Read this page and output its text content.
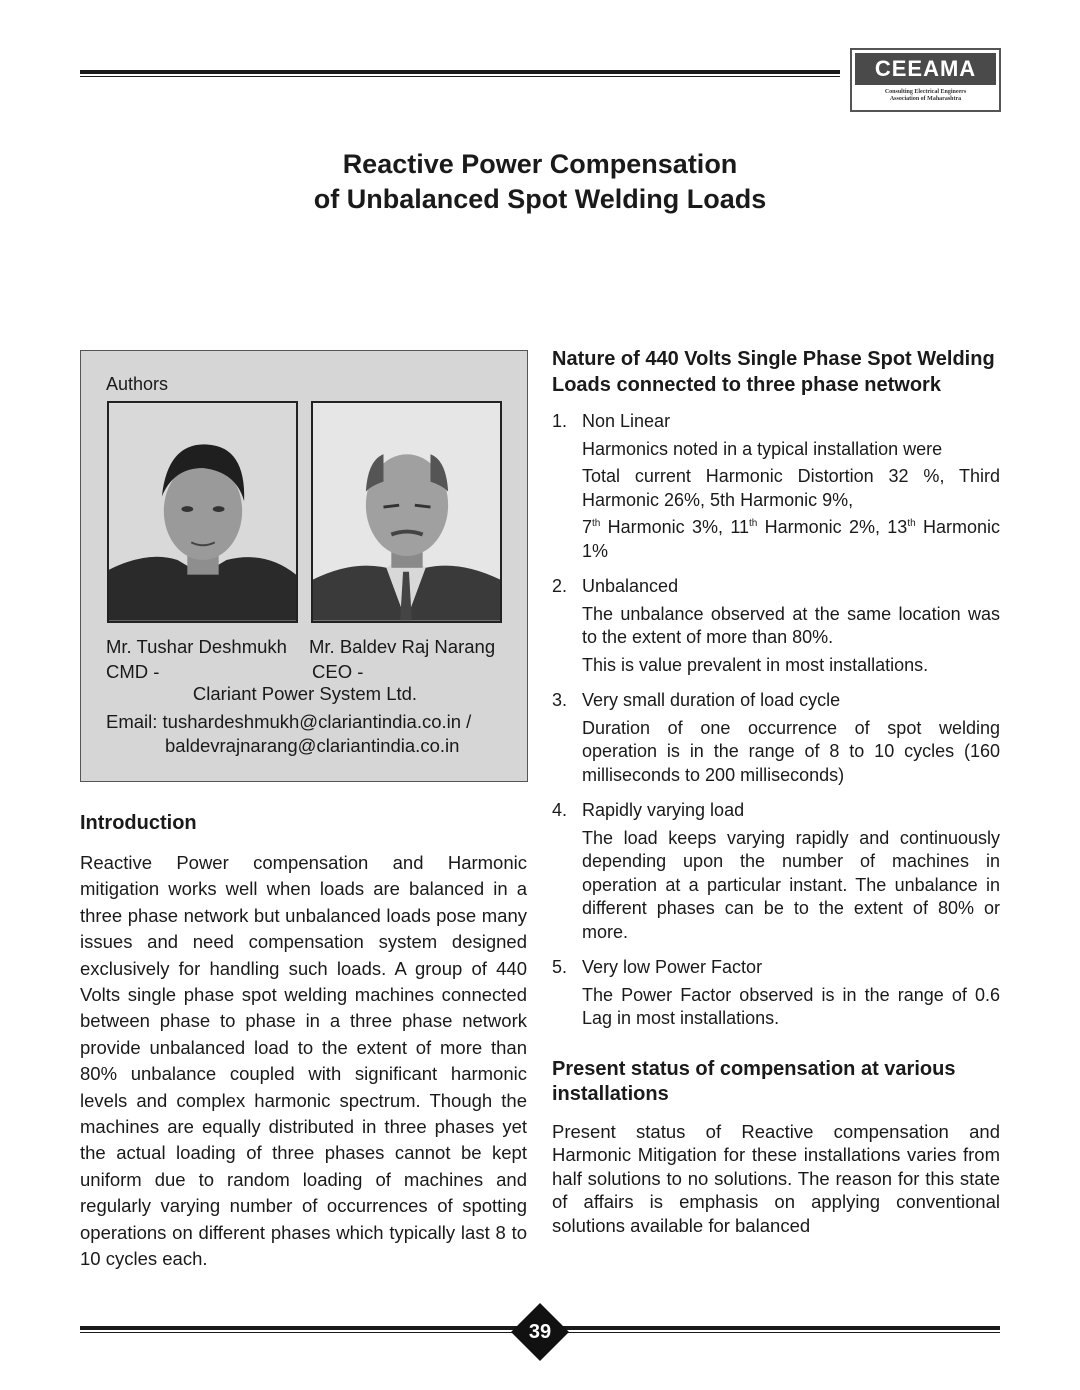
CEEAMA
Consulting Electrical Engineers
Association of Maharashtra
Reactive Power Compensation
of Unbalanced Spot Welding Loads
Authors
Mr. Tushar Deshmukh Mr. Baldev Raj Narang
CMD -	CEO -
Clariant Power System Ltd.
Email: tushardeshmukh@clariantindia.co.in /
baldevrajnarang@clariantindia.co.in
Introduction

Reactive Power compensation and Harmonic mitigation works well when loads are balanced in a three phase network but unbalanced loads pose many issues and need compensation system designed exclusively for handling such loads. A group of 440 Volts single phase spot welding machines connected between phase to phase in a three phase network provide unbalanced load to the extent of more than 80% unbalance coupled with significant harmonic levels and complex harmonic spectrum. Though the machines are equally distributed in three phases yet the actual loading of three phases cannot be kept uniform due to random loading of machines and regularly varying number of occurrences of spotting operations on different phases which typically last 8 to 10 cycles each.

Nature of 440 Volts Single Phase Spot Welding Loads connected to three phase network
1. Non Linear

Harmonics noted in a typical installation were

Total current Harmonic Distortion 32 %, Third Harmonic 26%, 5th Harmonic 9%,

7th Harmonic 3%, 11th Harmonic 2%, 13th Harmonic 1%

2. Unbalanced

The unbalance observed at the same location was to the extent of more than 80%.

This is value prevalent in most installations.

3. Very small duration of load cycle

Duration of one occurrence of spot welding operation is in the range of 8 to 10 cycles (160 milliseconds to 200 milliseconds)

4. Rapidly varying load

The load keeps varying rapidly and continuously depending upon the number of machines in operation at a particular instant. The unbalance in different phases can be to the extent of 80% or more.

5. Very low Power Factor

The Power Factor observed is in the range of 0.6 Lag in most installations.

Present status of compensation at various installations

Present status of Reactive compensation and Harmonic Mitigation for these installations varies from half solutions to no solutions. The reason for this state of affairs is emphasis on applying conventional solutions available for balanced

39
